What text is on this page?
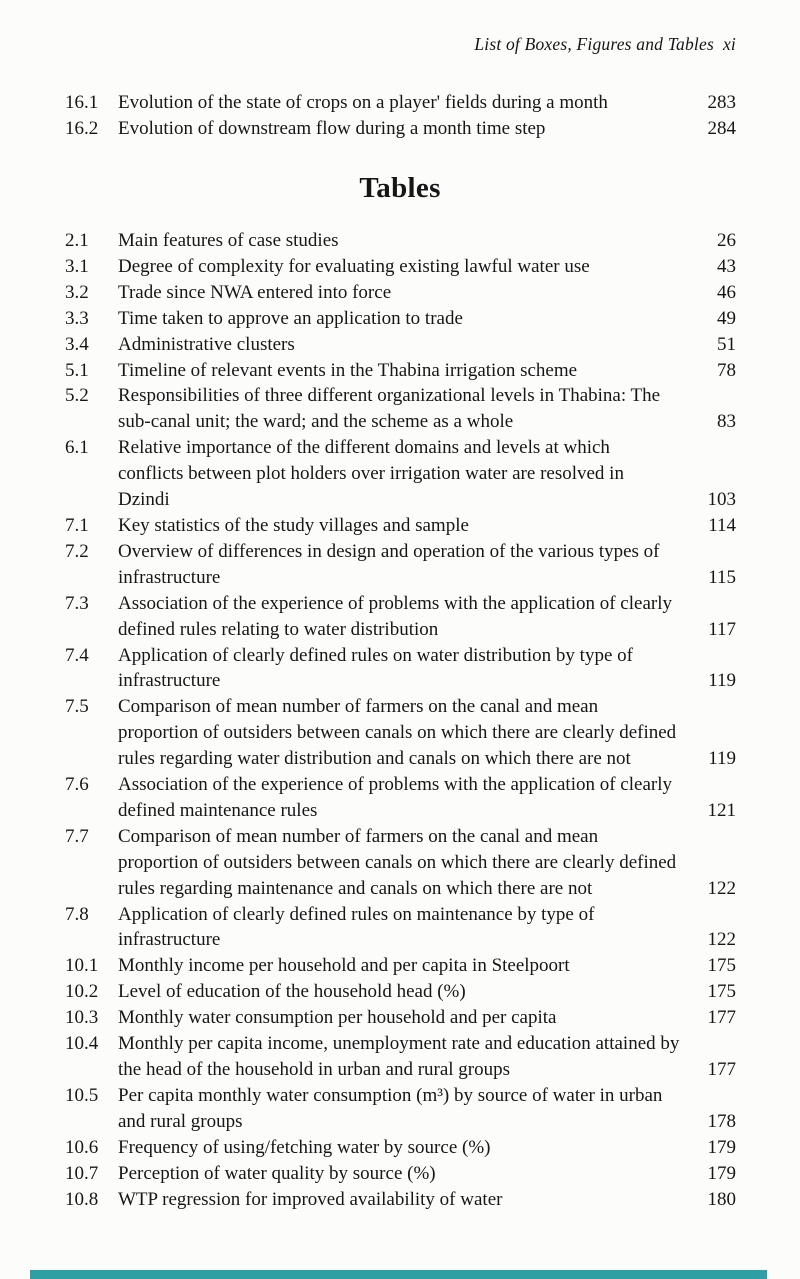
List of Boxes, Figures and Tables xi
16.1	Evolution of the state of crops on a player' fields during a month	283
16.2	Evolution of downstream flow during a month time step	284
Tables
2.1	Main features of case studies	26
3.1	Degree of complexity for evaluating existing lawful water use	43
3.2	Trade since NWA entered into force	46
3.3	Time taken to approve an application to trade	49
3.4	Administrative clusters	51
5.1	Timeline of relevant events in the Thabina irrigation scheme	78
5.2	Responsibilities of three different organizational levels in Thabina: The sub-canal unit; the ward; and the scheme as a whole	83
6.1	Relative importance of the different domains and levels at which conflicts between plot holders over irrigation water are resolved in Dzindi	103
7.1	Key statistics of the study villages and sample	114
7.2	Overview of differences in design and operation of the various types of infrastructure	115
7.3	Association of the experience of problems with the application of clearly defined rules relating to water distribution	117
7.4	Application of clearly defined rules on water distribution by type of infrastructure	119
7.5	Comparison of mean number of farmers on the canal and mean proportion of outsiders between canals on which there are clearly defined rules regarding water distribution and canals on which there are not	119
7.6	Association of the experience of problems with the application of clearly defined maintenance rules	121
7.7	Comparison of mean number of farmers on the canal and mean proportion of outsiders between canals on which there are clearly defined rules regarding maintenance and canals on which there are not	122
7.8	Application of clearly defined rules on maintenance by type of infrastructure	122
10.1	Monthly income per household and per capita in Steelpoort	175
10.2	Level of education of the household head (%)	175
10.3	Monthly water consumption per household and per capita	177
10.4	Monthly per capita income, unemployment rate and education attained by the head of the household in urban and rural groups	177
10.5	Per capita monthly water consumption (m³) by source of water in urban and rural groups	178
10.6	Frequency of using/fetching water by source (%)	179
10.7	Perception of water quality by source (%)	179
10.8	WTP regression for improved availability of water	180
